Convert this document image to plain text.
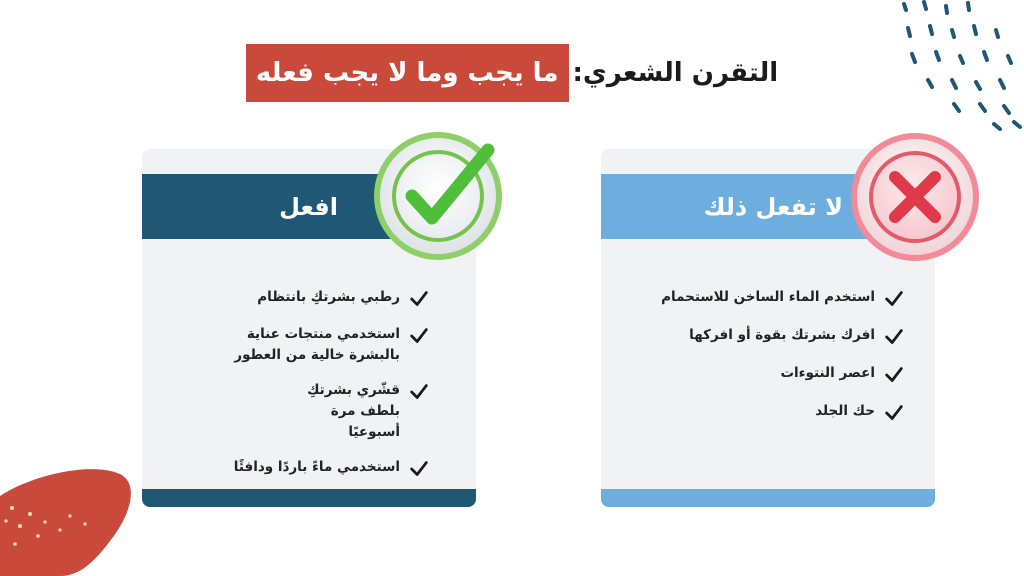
التقرن الشعري:
ما يجب وما لا يجب فعله
افعل
رطبي بشرتكِ بانتظام
استخدمي منتجات عناية بالبشرة خالية من العطور
قشّري بشرتكِ بلطف مرة أسبوعيًا
استخدمي ماءً باردًا ودافئًا
لا تفعل ذلك
استخدم الماء الساخن للاستحمام
افرك بشرتك بقوة أو افركها
اعصر النتوءات
حك الجلد
